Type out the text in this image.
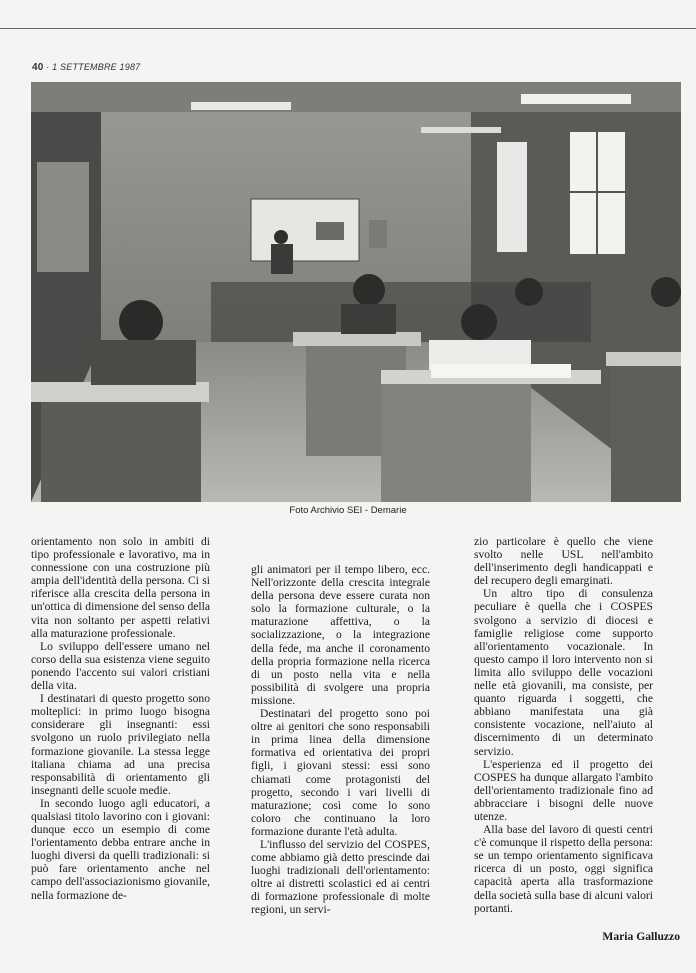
40 · 1 SETTEMBRE 1987
Foto Archivio SEI - Demarie

orientamento non solo in ambiti di tipo professionale e lavorativo, ma in connessione con una costruzione più ampia dell'identità della persona. Ci si riferisce alla crescita della persona in un'ottica di dimensione del senso della vita non soltanto per aspetti relativi alla maturazione professionale.

Lo sviluppo dell'essere umano nel corso della sua esistenza viene seguito ponendo l'accento sui valori cristiani della vita.

I destinatari di questo progetto sono molteplici: in primo luogo bisogna considerare gli insegnanti: essi svolgono un ruolo privilegiato nella formazione giovanile. La stessa legge italiana chiama ad una precisa responsabilità di orientamento gli insegnanti delle scuole medie.

In secondo luogo agli educatori, a qualsiasi titolo lavorino con i giovani: dunque ecco un esempio di come l'orientamento debba entrare anche in luoghi diversi da quelli tradizionali: si può fare orientamento anche nel campo dell'associazionismo giovanile, nella formazione de-

gli animatori per il tempo libero, ecc. Nell'orizzonte della crescita integrale della persona deve essere curata non solo la formazione culturale, o la maturazione affettiva, o la socializzazione, o la integrazione della fede, ma anche il coronamento della propria formazione nella ricerca di un posto nella vita e nella possibilità di svolgere una propria missione.

Destinatari del progetto sono poi oltre ai genitori che sono responsabili in prima linea della dimensione formativa ed orientativa dei propri figli, i giovani stessi: essi sono chiamati come protagonisti del progetto, secondo i vari livelli di maturazione; così come lo sono coloro che continuano la loro formazione durante l'età adulta.

L'influsso del servizio del COSPES, come abbiamo già detto prescinde dai luoghi tradizionali dell'orientamento: oltre ai distretti scolastici ed ai centri di formazione professionale di molte regioni, un servi-

zio particolare è quello che viene svolto nelle USL nell'ambito dell'inserimento degli handicappati e del recupero degli emarginati.

Un altro tipo di consulenza peculiare è quella che i COSPES svolgono a servizio di diocesi e famiglie religiose come supporto all'orientamento vocazionale. In questo campo il loro intervento non si limita allo sviluppo delle vocazioni nelle età giovanili, ma consiste, per quanto riguarda i soggetti, che abbiano manifestata una già consistente vocazione, nell'aiuto al discernimento di un determinato servizio.

L'esperienza ed il progetto dei COSPES ha dunque allargato l'ambito dell'orientamento tradizionale fino ad abbracciare i bisogni delle nuove utenze.

Alla base del lavoro di questi centri c'è comunque il rispetto della persona: se un tempo orientamento significava ricerca di un posto, oggi significa capacità aperta alla trasformazione della società sulla base di alcuni valori portanti.

Maria Galluzzo
